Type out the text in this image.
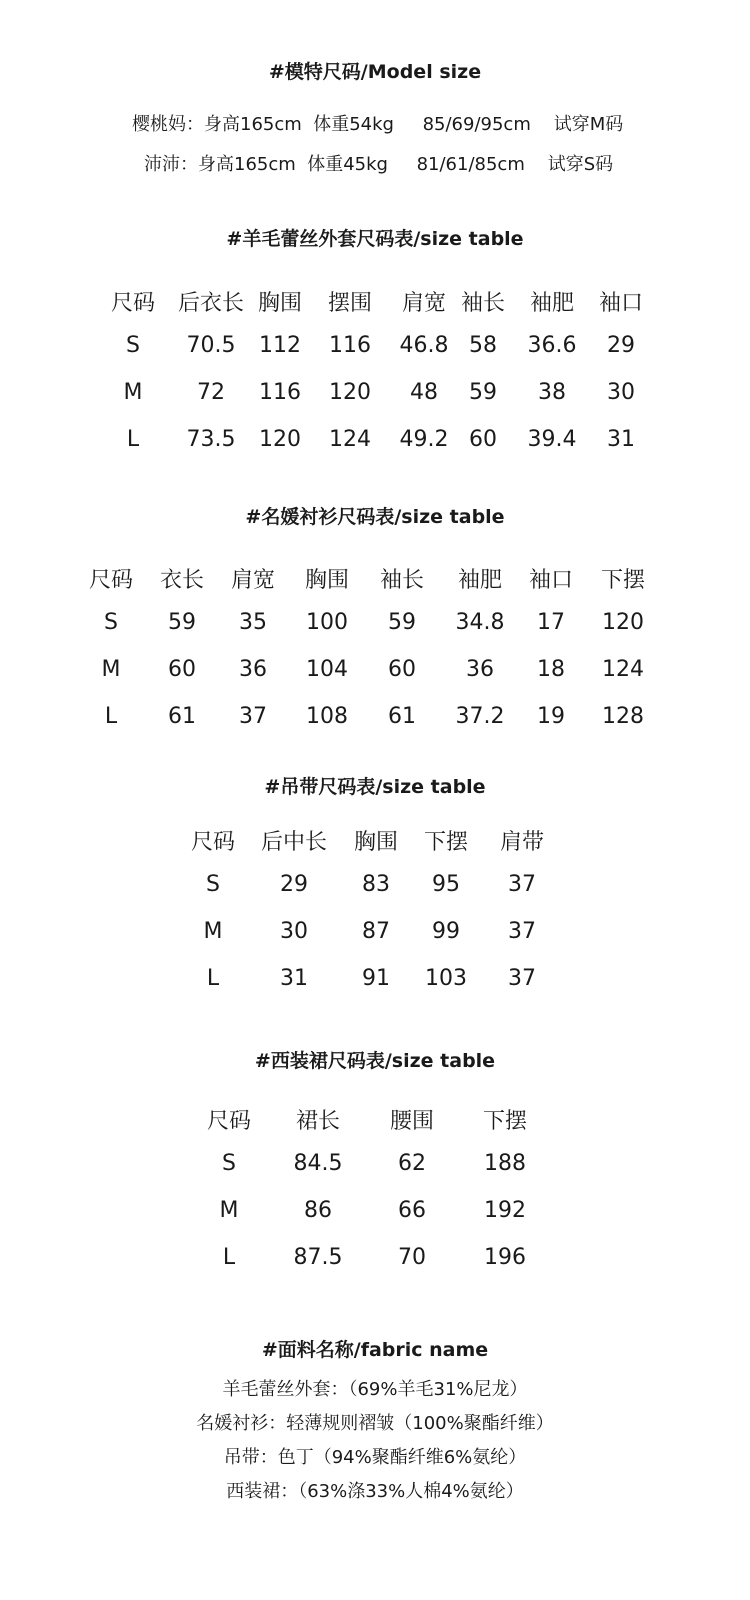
#模特尺码/Model size
樱桃妈：身高165cm  体重54kg     85/69/95cm    试穿M码
沛沛：身高165cm  体重45kg     81/61/85cm    试穿S码
#羊毛蕾丝外套尺码表/size table
尺码 后衣长 胸围 摆围 肩宽 袖长 袖肥 袖口
S 70.5 112 116 46.8 58 36.6 29
M 72 116 120 48 59 38 30
L 73.5 120 124 49.2 60 39.4 31
#名媛衬衫尺码表/size table
尺码 衣长 肩宽 胸围 袖长 袖肥 袖口 下摆
S 59 35 100 59 34.8 17 120
M 60 36 104 60 36 18 124
L 61 37 108 61 37.2 19 128
#吊带尺码表/size table
尺码 后中长 胸围 下摆 肩带
S	29 83 95 37
M	30 87 99 37
L	31 91 103 37
#西装裙尺码表/size table
尺码 裙长 腰围 下摆
S	84.5	62	188
M	86	66	192
L	87.5	70	196
#面料名称/fabric name
羊毛蕾丝外套：（69%羊毛31%尼龙）
名媛衬衫：轻薄规则褶皱（100%聚酯纤维）
吊带：色丁（94%聚酯纤维6%氨纶）
西装裙：（63%涤33%人棉4%氨纶）
